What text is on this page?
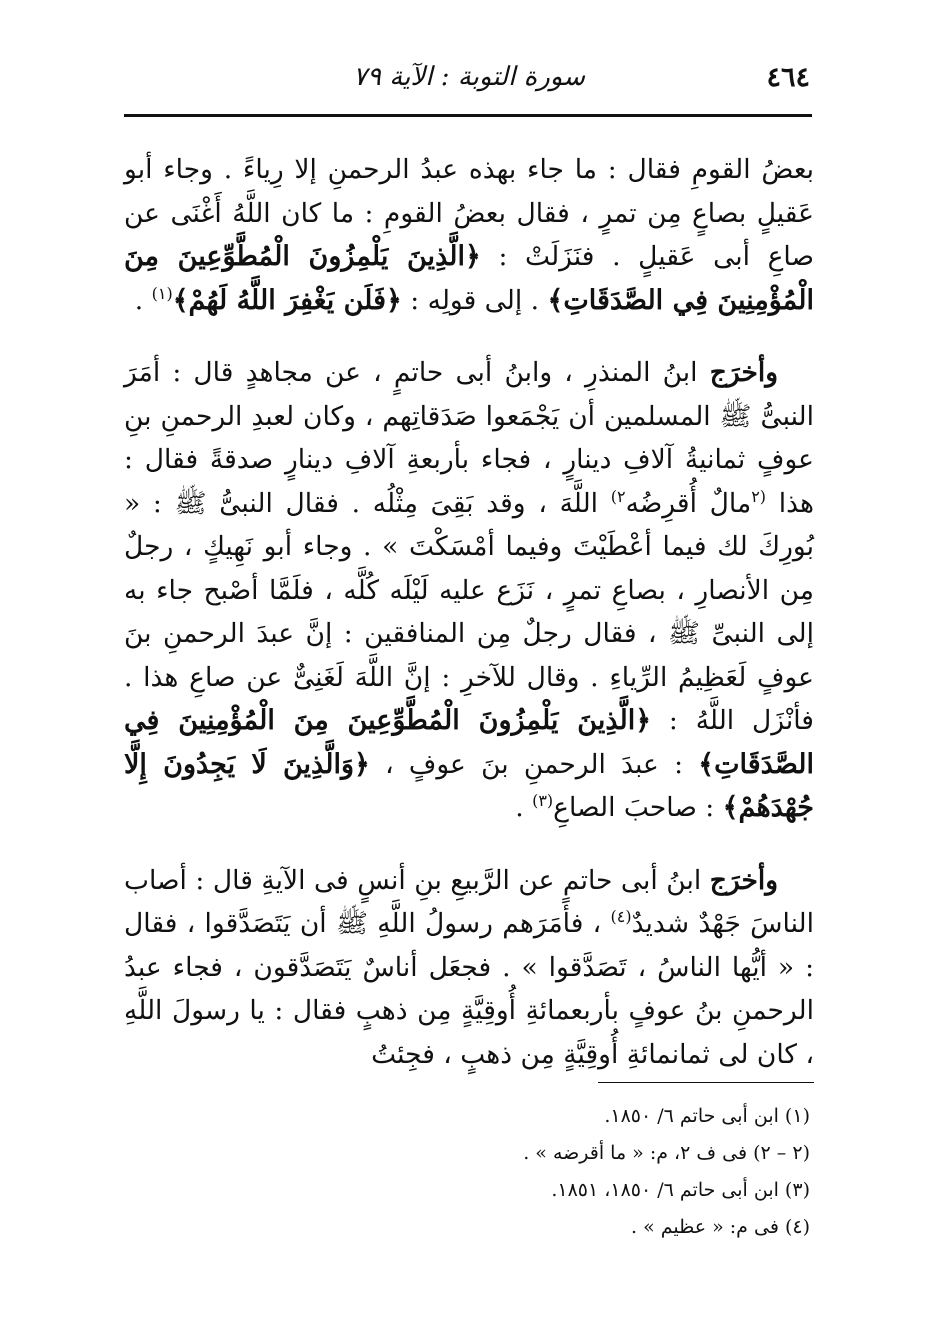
٤٦٤
سورة التوبة : الآية ٧٩

بعضُ القومِ فقال : ما جاء بهذه عبدُ الرحمنِ إلا رِياءً . وجاء أبو عَقيلٍ بصاعٍ مِن تمرٍ ، فقال بعضُ القومِ : ما كان اللَّهُ أَغْنَى عن صاعِ أبى عَقيلٍ . فنَزَلَتْ : ﴿الَّذِينَ يَلْمِزُونَ الْمُطَّوِّعِينَ مِنَ الْمُؤْمِنِينَ فِي الصَّدَقَاتِ﴾ . إلى قولِه : ﴿فَلَن يَغْفِرَ اللَّهُ لَهُمْ﴾$^{(١)}$ .

وأخرَج ابنُ المنذرِ ، وابنُ أبى حاتمٍ ، عن مجاهدٍ قال : أمَرَ النبىُّ ﷺ المسلمين أن يَجْمَعوا صَدَقاتِهم ، وكان لعبدِ الرحمنِ بنِ عوفٍ ثمانيةُ آلافِ دينارٍ ، فجاء بأربعةِ آلافِ دينارٍ صدقةً فقال : هذا $^{(٢}$مالٌ أُقرِضُه$^{٢)}$ اللَّهَ ، وقد بَقِىَ مِثْلُه . فقال النبىُّ ﷺ : « بُورِكَ لك فيما أعْطَيْتَ وفيما أمْسَكْتَ » . وجاء أبو نَهِيكٍ ، رجلٌ مِن الأنصارِ ، بصاعِ تمرٍ ، نَزَع عليه لَيْلَه كُلَّه ، فلَمَّا أصْبح جاء به إلى النبىِّ ﷺ ، فقال رجلٌ مِن المنافقين : إنَّ عبدَ الرحمنِ بنَ عوفٍ لَعَظِيمُ الرِّياءِ . وقال للآخرِ : إنَّ اللَّهَ لَغَنِىٌّ عن صاعِ هذا . فأنْزَل اللَّهُ : ﴿الَّذِينَ يَلْمِزُونَ الْمُطَّوِّعِينَ مِنَ الْمُؤْمِنِينَ فِي الصَّدَقَاتِ﴾ : عبدَ الرحمنِ بنَ عوفٍ ، ﴿وَالَّذِينَ لَا يَجِدُونَ إِلَّا جُهْدَهُمْ﴾ : صاحبَ الصاعِ$^{(٣)}$ .

وأخرَج ابنُ أبى حاتمٍ عن الرَّبيعِ بنِ أنسٍ فى الآيةِ قال : أصاب الناسَ جَهْدٌ شديدٌ$^{(٤)}$ ، فأمَرَهم رسولُ اللَّهِ ﷺ أن يَتَصَدَّقوا ، فقال : « أيُّها الناسُ ، تَصَدَّقوا » . فجعَل أناسٌ يَتَصَدَّقون ، فجاء عبدُ الرحمنِ بنُ عوفٍ بأربعمائةِ أُوقِيَّةٍ مِن ذهبٍ فقال : يا رسولَ اللَّهِ ، كان لى ثمانمائةِ أُوقِيَّةٍ مِن ذهبٍ ، فجِئتُ

(١) ابن أبى حاتم ٦/ ١٨٥٠.
(٢ – ٢) فى ف ٢، م: « ما أقرضه » .
(٣) ابن أبى حاتم ٦/ ١٨٥٠، ١٨٥١.
(٤) فى م: « عظيم » .
